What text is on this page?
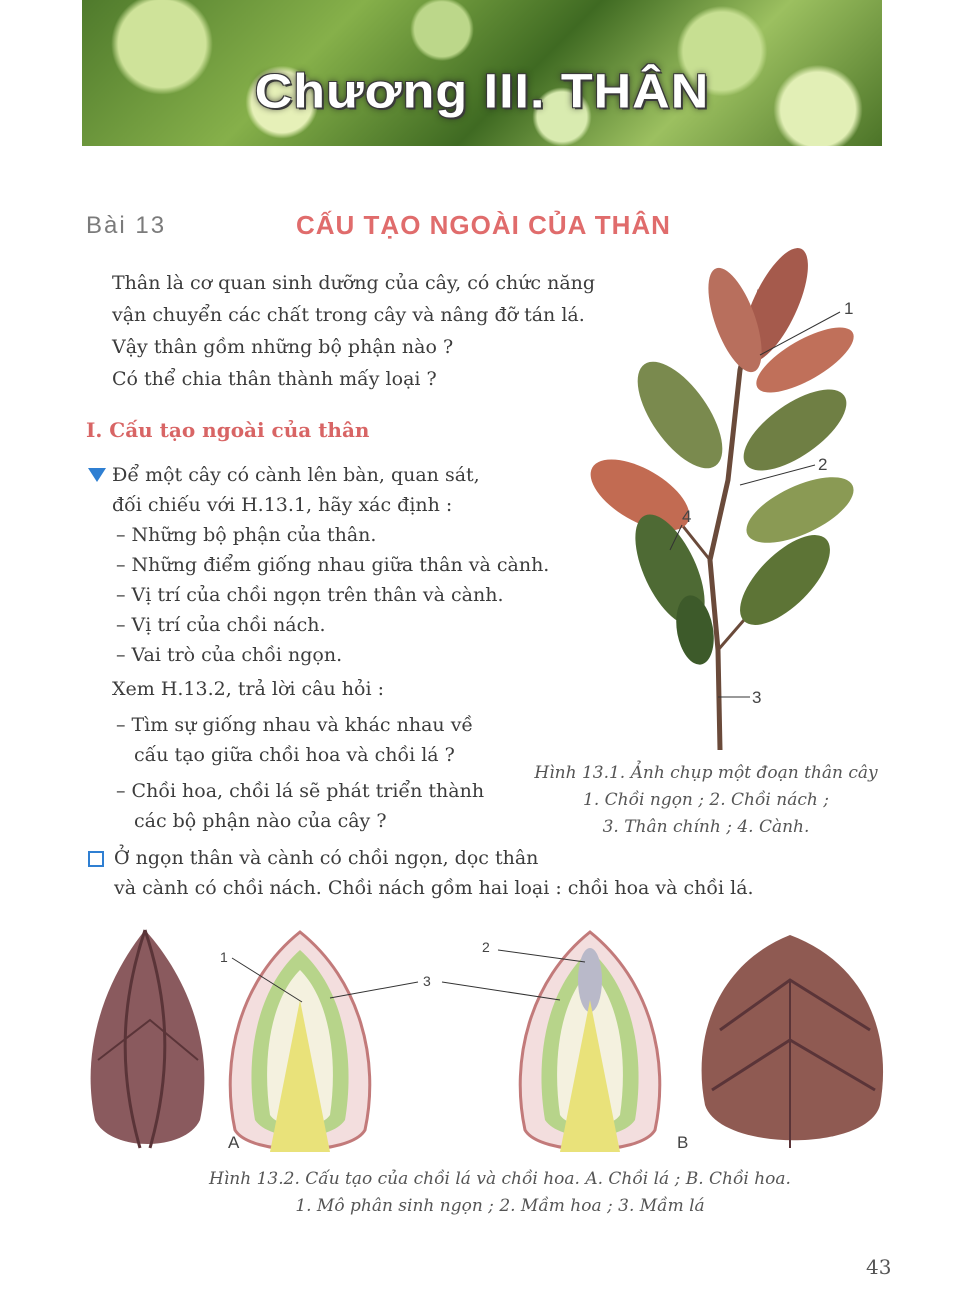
Chương III. THÂN
Bài 13	CẤU TẠO NGOÀI CỦA THÂN
Thân là cơ quan sinh dưỡng của cây, có chức năng
vận chuyển các chất trong cây và nâng đỡ tán lá.
Vậy thân gồm những bộ phận nào ?
Có thể chia thân thành mấy loại ?
I. Cấu tạo ngoài của thân
Để một cây có cành lên bàn, quan sát,
đối chiếu với H.13.1, hãy xác định :
– Những bộ phận của thân.
– Những điểm giống nhau giữa thân và cành.
– Vị trí của chồi ngọn trên thân và cành.
– Vị trí của chồi nách.
– Vai trò của chồi ngọn.
Xem H.13.2, trả lời câu hỏi :
– Tìm sự giống nhau và khác nhau về
cấu tạo giữa chồi hoa và chồi lá ?
– Chồi hoa, chồi lá sẽ phát triển thành
các bộ phận nào của cây ?
Ở ngọn thân và cành có chồi ngọn, dọc thân
và cành có chồi nách. Chồi nách gồm hai loại : chồi hoa và chồi lá.
1
2
3
4
Hình 13.1. Ảnh chụp một đoạn thân cây
1. Chồi ngọn ; 2. Chồi nách ;
3. Thân chính ; 4. Cành.
1
2
3
A	B
Hình 13.2. Cấu tạo của chồi lá và chồi hoa. A. Chồi lá ; B. Chồi hoa.
1. Mô phân sinh ngọn ; 2. Mầm hoa ; 3. Mầm lá
43
